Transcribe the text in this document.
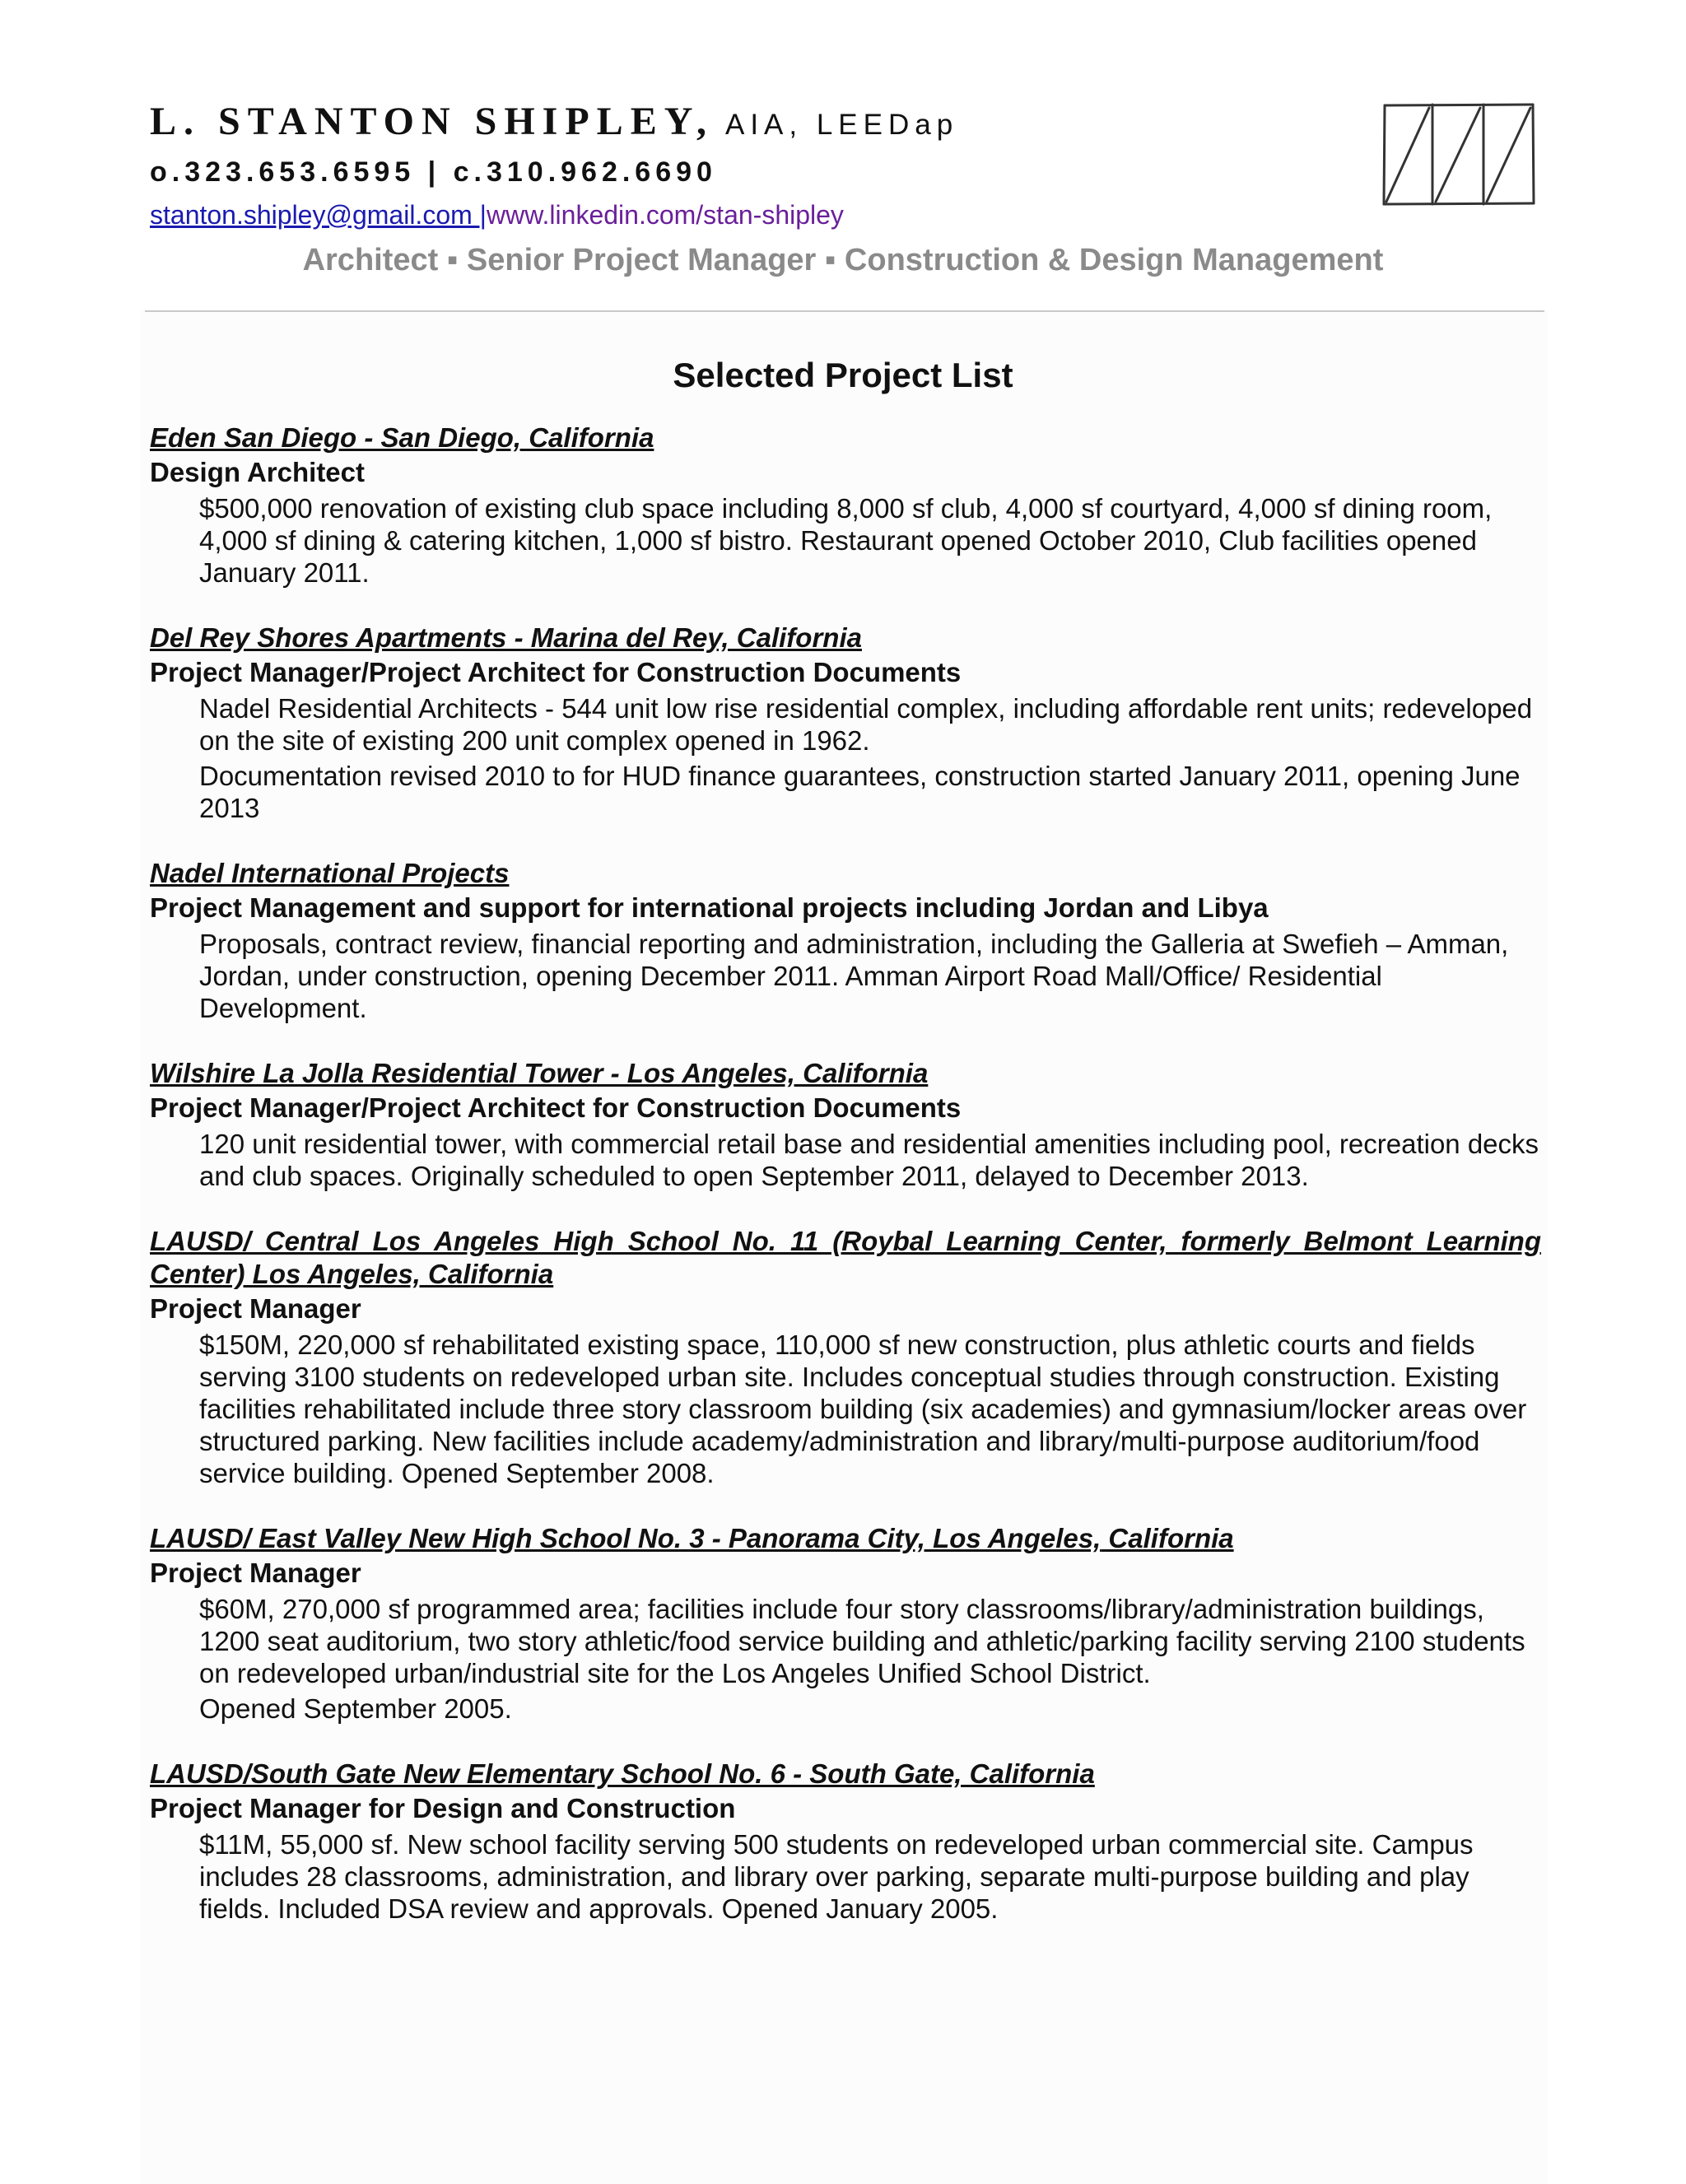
L. STANTON SHIPLEY, AIA, LEEDap
o.323.653.6595 | c.310.962.6690
stanton.shipley@gmail.com |www.linkedin.com/stan-shipley
Architect ▪ Senior Project Manager ▪ Construction & Design Management
Selected Project List
Eden San Diego - San Diego, California
Design Architect

$500,000 renovation of existing club space including 8,000 sf club, 4,000 sf courtyard, 4,000 sf dining room, 4,000 sf dining & catering kitchen, 1,000 sf bistro. Restaurant opened October 2010, Club facilities opened January 2011.

Del Rey Shores Apartments - Marina del Rey, California
Project Manager/Project Architect for Construction Documents

Nadel Residential Architects - 544 unit low rise residential complex, including affordable rent units; redeveloped on the site of existing 200 unit complex opened in 1962.

Documentation revised 2010 to for HUD finance guarantees, construction started January 2011, opening June 2013

Nadel International Projects
Project Management and support for international projects including Jordan and Libya

Proposals, contract review, financial reporting and administration, including the Galleria at Swefieh – Amman, Jordan, under construction, opening December 2011. Amman Airport Road Mall/Office/ Residential Development.

Wilshire La Jolla Residential Tower - Los Angeles, California
Project Manager/Project Architect for Construction Documents

120 unit residential tower, with commercial retail base and residential amenities including pool, recreation decks and club spaces. Originally scheduled to open September 2011, delayed to December 2013.

LAUSD/ Central Los Angeles High School No. 11 (Roybal Learning Center, formerly Belmont Learning Center) Los Angeles, California
Project Manager

$150M, 220,000 sf rehabilitated existing space, 110,000 sf new construction, plus athletic courts and fields serving 3100 students on redeveloped urban site. Includes conceptual studies through construction. Existing facilities rehabilitated include three story classroom building (six academies) and gymnasium/locker areas over structured parking. New facilities include academy/administration and library/multi-purpose auditorium/food service building. Opened September 2008.

LAUSD/ East Valley New High School No. 3 - Panorama City, Los Angeles, California
Project Manager

$60M, 270,000 sf programmed area; facilities include four story classrooms/library/administration buildings, 1200 seat auditorium, two story athletic/food service building and athletic/parking facility serving 2100 students on redeveloped urban/industrial site for the Los Angeles Unified School District.

Opened September 2005.

LAUSD/South Gate New Elementary School No. 6 - South Gate, California
Project Manager for Design and Construction

$11M, 55,000 sf. New school facility serving 500 students on redeveloped urban commercial site. Campus includes 28 classrooms, administration, and library over parking, separate multi-purpose building and play fields. Included DSA review and approvals. Opened January 2005.
